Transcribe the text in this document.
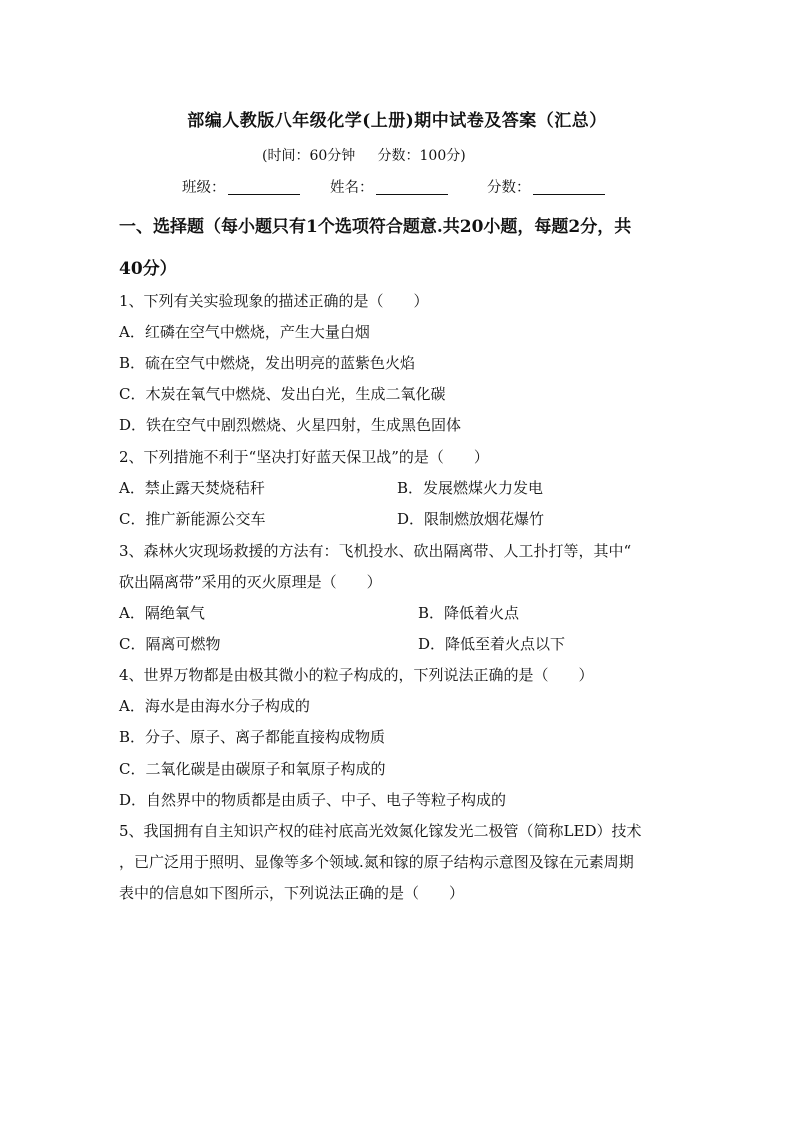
部编人教版八年级化学(上册)期中试卷及答案（汇总）
(时间：60分钟     分数：100分)
班级：	姓名：	分数：
一、选择题（每小题只有1个选项符合题意.共20小题，每题2分，共
40分）
1、下列有关实验现象的描述正确的是（　　）
A．红磷在空气中燃烧，产生大量白烟
B．硫在空气中燃烧，发出明亮的蓝紫色火焰
C．木炭在氧气中燃烧、发出白光，生成二氧化碳
D．铁在空气中剧烈燃烧、火星四射，生成黑色固体
2、下列措施不利于“坚决打好蓝天保卫战”的是（　　）
A．禁止露天焚烧秸秆	B．发展燃煤火力发电
C．推广新能源公交车	D．限制燃放烟花爆竹
3、森林火灾现场救援的方法有：飞机投水、砍出隔离带、人工扑打等，其中“
砍出隔离带”采用的灭火原理是（　　）
A．隔绝氧气	B．降低着火点
C．隔离可燃物	D．降低至着火点以下
4、世界万物都是由极其微小的粒子构成的，下列说法正确的是（　　）
A．海水是由海水分子构成的
B．分子、原子、离子都能直接构成物质
C．二氧化碳是由碳原子和氧原子构成的
D．自然界中的物质都是由质子、中子、电子等粒子构成的
5、我国拥有自主知识产权的硅衬底高光效氮化镓发光二极管（简称LED）技术
，已广泛用于照明、显像等多个领域.氮和镓的原子结构示意图及镓在元素周期
表中的信息如下图所示，下列说法正确的是（　　）
